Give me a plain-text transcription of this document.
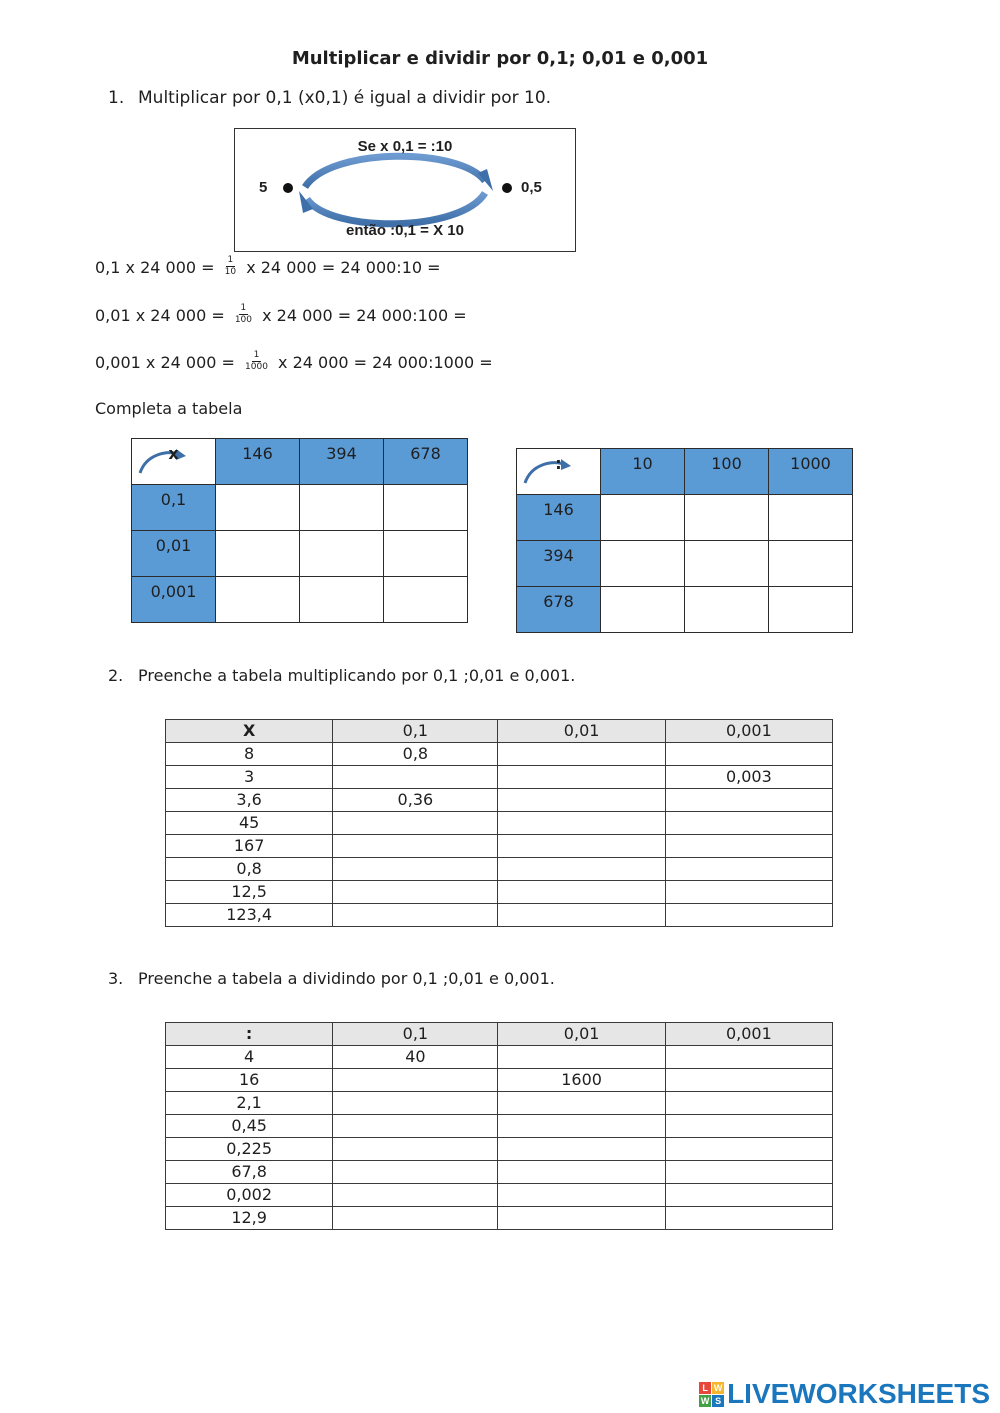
Multiplicar e dividir por 0,1; 0,01 e 0,001
1. Multiplicar por 0,1 (x0,1) é igual a dividir por 10.
Se x 0,1 = :10
então :0,1 = X 10
5	0,5
0,1 x 24 $000 = \frac{1}{10}$ x 24 000 = 24 000:10 =
0,01 x 24 $000 = \frac{1}{100}$ x 24 000 = 24 000:100 =
0,001 x 24 $000 = \frac{1}{1000}$ x 24 000 = 24 000:1000 =
Completa a tabela
x	146	394	678

0,1			

0,01			

0,001			

:	10	100	1000

146			

394			

678			

2. Preenche a tabela multiplicando por 0,1 ;0,01 e 0,001.
X	0,1	0,01	0,001
8	0,8		
3			0,003
3,6	0,36		
45			
167			
0,8			
12,5			
123,4			
3. Preenche a tabela a dividindo por 0,1 ;0,01 e 0,001.
:	0,1	0,01	0,001
4	40		
16		1600	
2,1			
0,45			
0,225			
67,8			
0,002			
12,9			
L W
W S LIVEWORKSHEETS
